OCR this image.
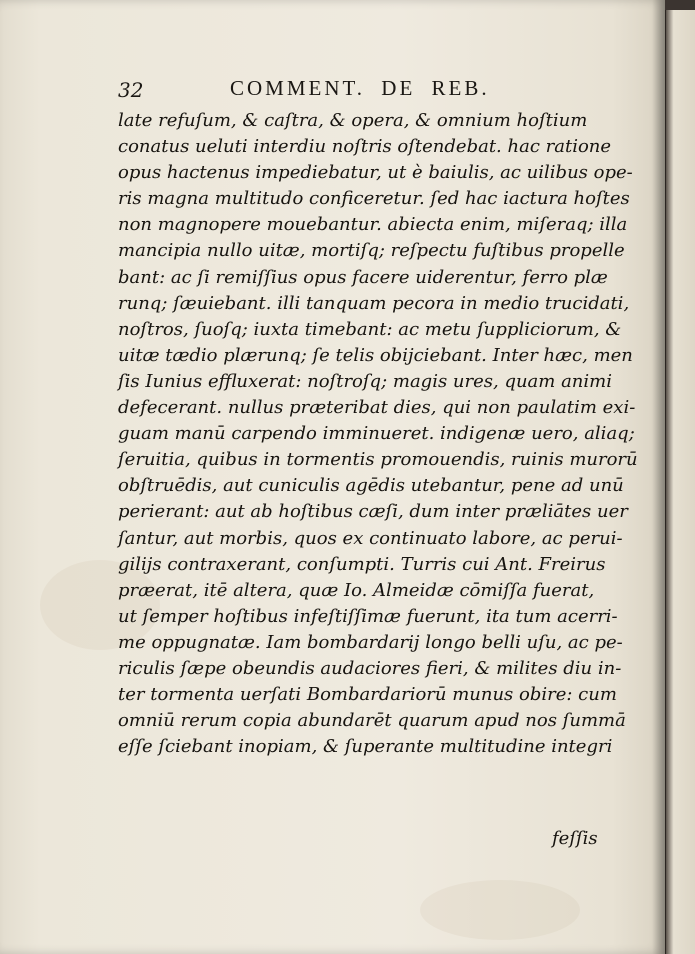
32	COMMENT. DE REB.
late refuſum, & caſtra, & opera, & omnium hoſtium
conatus ueluti interdiu noſtris oſtendebat. hac ratione
opus hactenus impediebatur, ut è baiulis, ac uilibus ope-
ris magna multitudo conficeretur. ſed hac iactura hoſtes
non magnopere mouebantur. abiecta enim, miſeraq; illa
mancipia nullo uitæ, mortiſq; reſpectu fuſtibus propelle
bant: ac ſi remiſſius opus facere uiderentur, ferro plæ
runq; ſæuiebant. illi tanquam pecora in medio trucidati,
noſtros, ſuoſq; iuxta timebant: ac metu ſuppliciorum, &
uitæ tædio plærunq; ſe telis obijciebant. Inter hæc, men
ſis Iunius effluxerat: noſtroſq; magis ures, quam animi
defecerant. nullus præteribat dies, qui non paulatim exi-
guam manū carpendo imminueret. indigenæ uero, aliaq;
ſeruitia, quibus in tormentis promouendis, ruinis murorū
obſtruēdis, aut cuniculis agēdis utebantur, pene ad unū
perierant: aut ab hoſtibus cæſi, dum inter præliātes uer
ſantur, aut morbis, quos ex continuato labore, ac perui-
gilijs contraxerant, conſumpti. Turris cui Ant. Freirus
præerat, itē altera, quæ Io. Almeidæ cōmiſſa fuerat,
ut ſemper hoſtibus infeſtiſſimæ fuerunt, ita tum acerri-
me oppugnatæ. Iam bombardarij longo belli uſu, ac pe-
riculis ſæpe obeundis audaciores fieri, & milites diu in-
ter tormenta uerſati Bombardariorū munus obire: cum
omniū rerum copia abundarēt quarum apud nos ſummā
eſſe ſciebant inopiam, & ſuperante multitudine integri
feſſis
